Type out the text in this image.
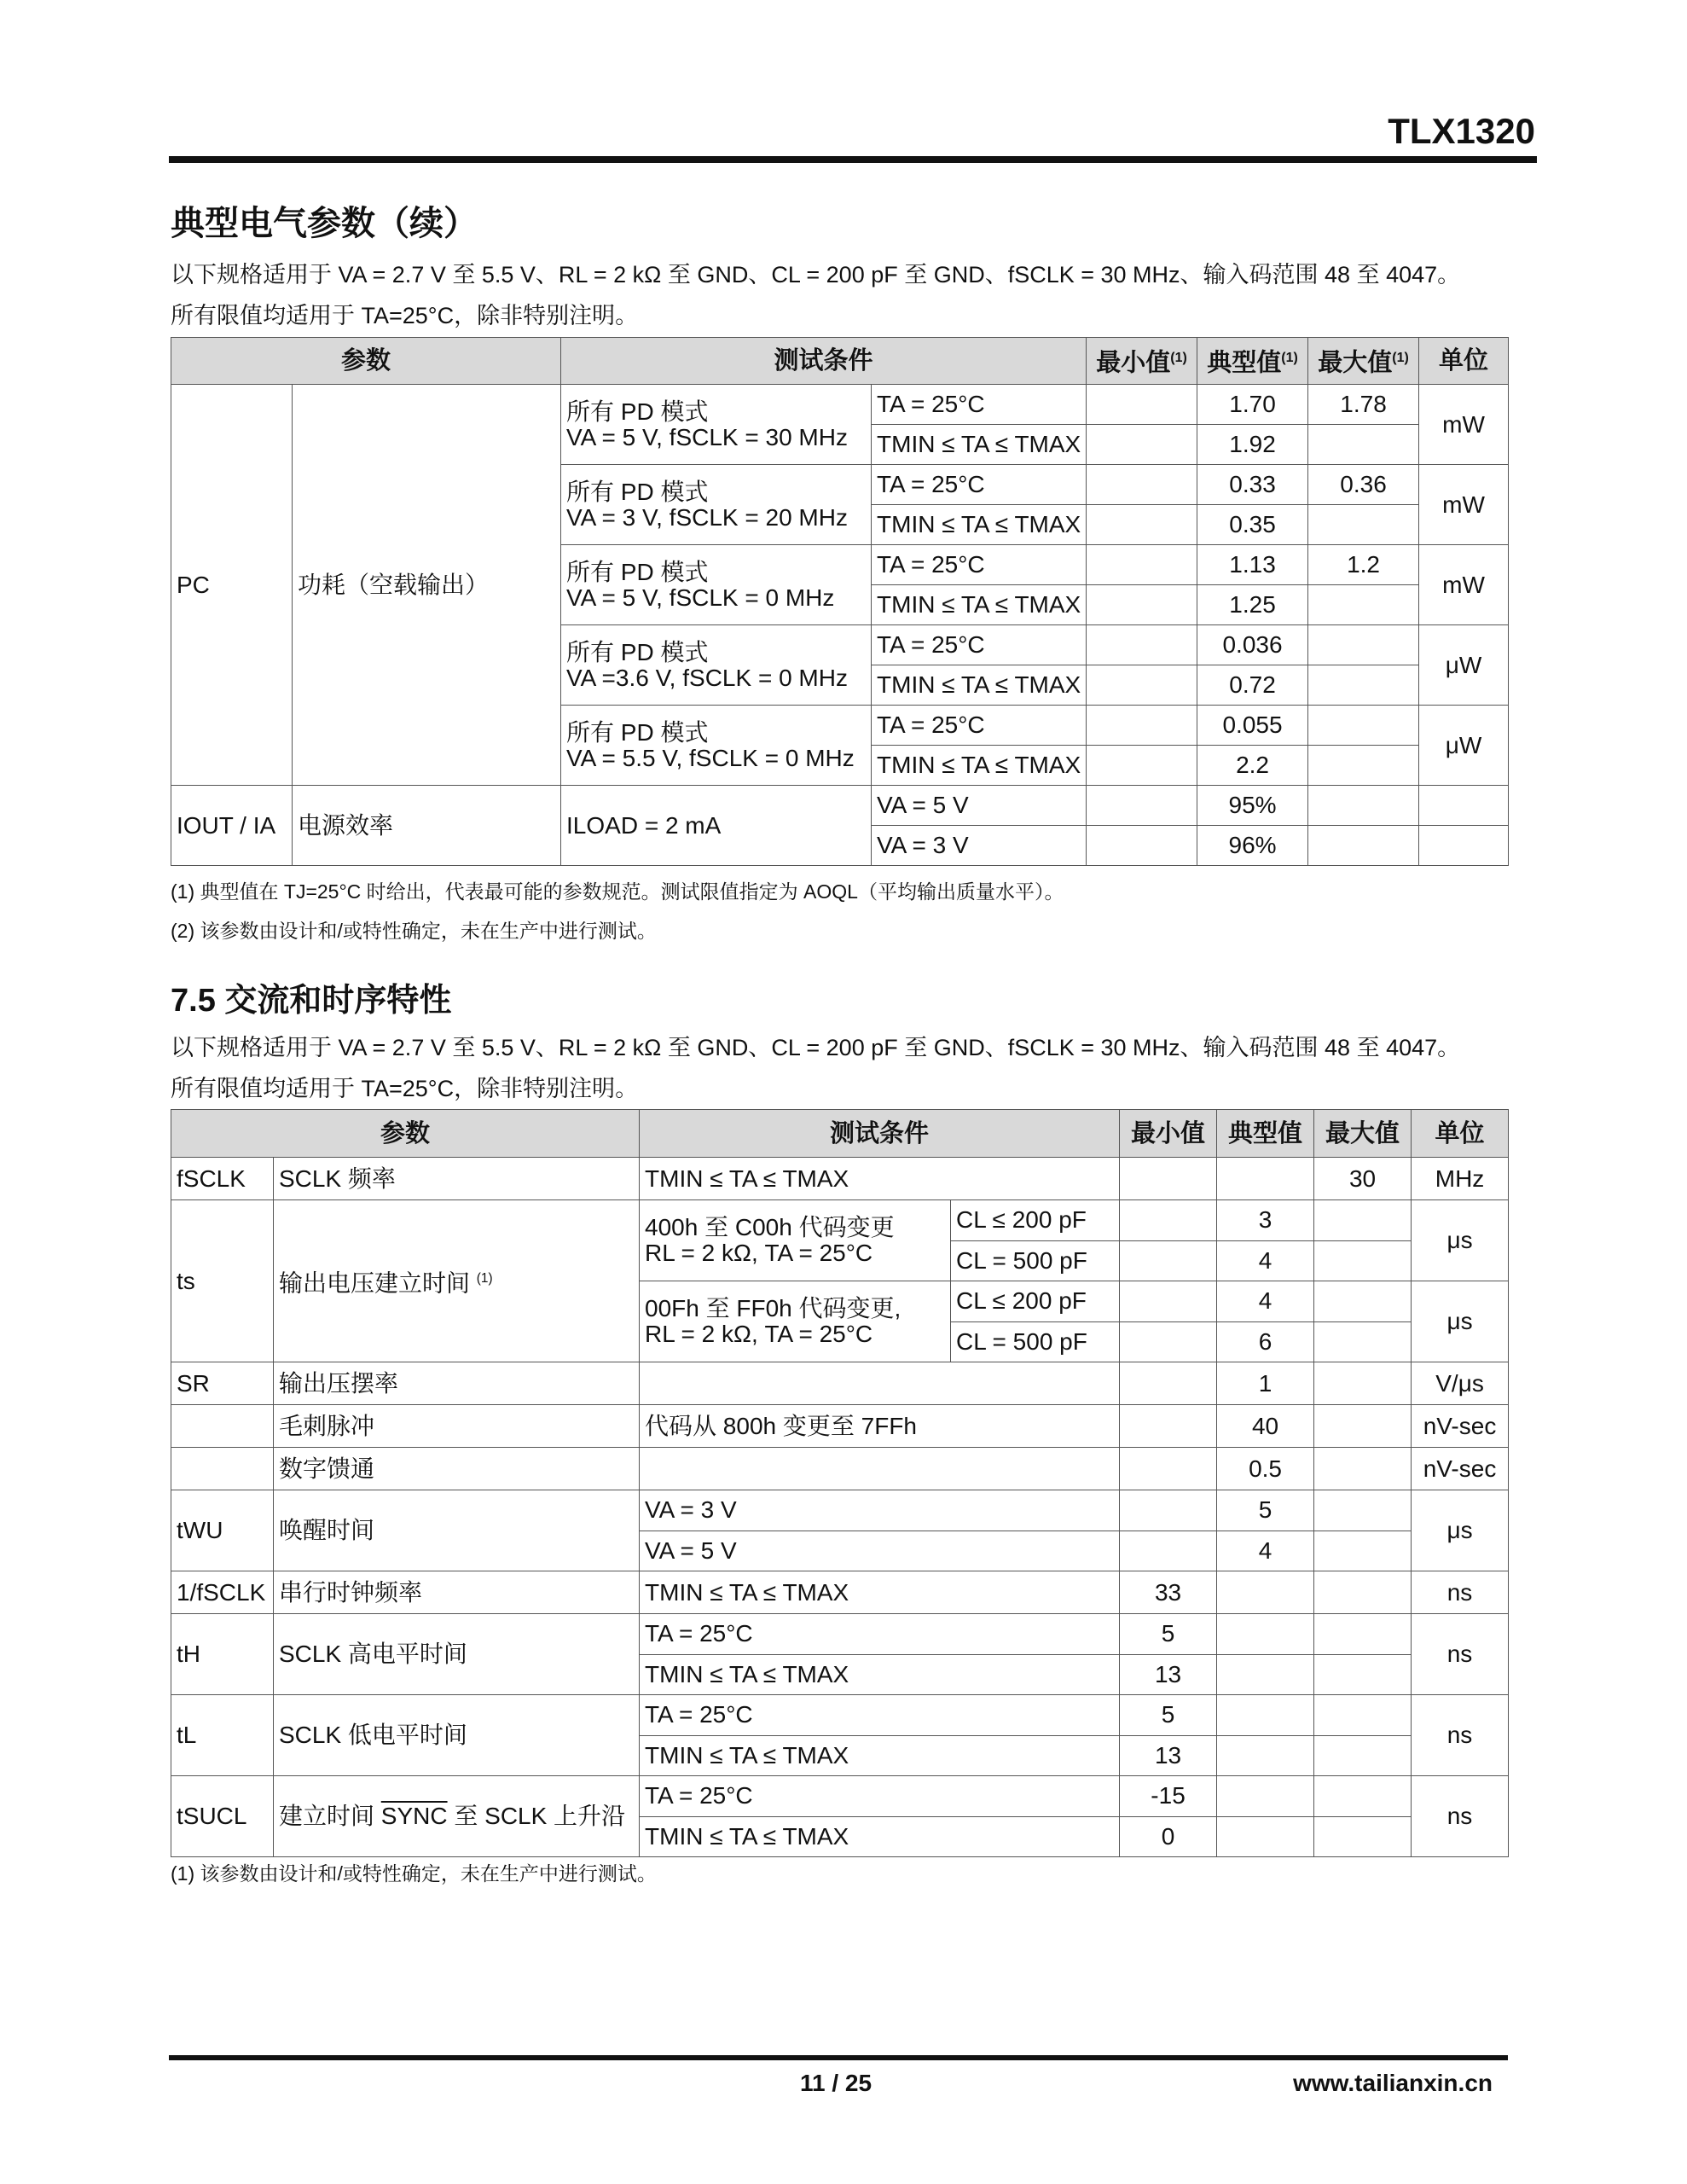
TLX1320
典型电气参数（续）
以下规格适用于 VA = 2.7 V 至 5.5 V、RL = 2 kΩ 至 GND、CL = 200 pF 至 GND、fSCLK = 30 MHz、输入码范围 48 至 4047。
所有限值均适用于 TA=25°C，除非特别注明。
参数		测试条件		最小值$^{(1)}$	典型值$^{(1)}$	最大值$^{(1)}$	单位
PC	功耗（空载输出）	所有 PD 模式
VA = 5 V, fSCLK = 30 MHz	TA = 25°C		1.70	1.78	mW
			TMIN ≤ TA ≤ TMAX		1.92		

		所有 PD 模式
VA = 3 V, fSCLK = 20 MHz	TA = 25°C		0.33	0.36	mW
			TMIN ≤ TA ≤ TMAX		0.35		

		所有 PD 模式
VA = 5 V, fSCLK = 0 MHz	TA = 25°C		1.13	1.2	mW
			TMIN ≤ TA ≤ TMAX		1.25		

		所有 PD 模式
VA =3.6 V, fSCLK = 0 MHz	TA = 25°C		0.036		μW
			TMIN ≤ TA ≤ TMAX		0.72		

		所有 PD 模式
VA = 5.5 V, fSCLK = 0 MHz	TA = 25°C		0.055		μW
			TMIN ≤ TA ≤ TMAX		2.2		
IOUT / IA	电源效率	ILOAD = 2 mA	VA = 5 V		95%		
			VA = 3 V		96%		
(1) 典型值在 TJ=25°C 时给出，代表最可能的参数规范。测试限值指定为 AOQL（平均输出质量水平）。
(2) 该参数由设计和/或特性确定，未在生产中进行测试。
7.5 交流和时序特性
以下规格适用于 VA = 2.7 V 至 5.5 V、RL = 2 kΩ 至 GND、CL = 200 pF 至 GND、fSCLK = 30 MHz、输入码范围 48 至 4047。
所有限值均适用于 TA=25°C，除非特别注明。
参数		测试条件		最小值	典型值	最大值	单位
fSCLK	SCLK 频率	TMIN ≤ TA ≤ TMAX				30	MHz
ts	输出电压建立时间 $^{(1)}$	400h 至 C00h 代码变更
RL = 2 kΩ, TA = 25°C	CL ≤ 200 pF		3		μs
			CL = 500 pF		4		

		00Fh 至 FF0h 代码变更,
RL = 2 kΩ, TA = 25°C	CL ≤ 200 pF		4		μs
			CL = 500 pF		6		
SR	输出压摆率				1		V/μs
	毛刺脉冲	代码从 800h 变更至 7FFh			40		nV-sec
	数字馈通				0.5		nV-sec
tWU	唤醒时间	VA = 3 V			5		μs
		VA = 5 V			4		
1/fSCLK	串行时钟频率	TMIN ≤ TA ≤ TMAX		33			ns
tH	SCLK 高电平时间	TA = 25°C		5			ns
		TMIN ≤ TA ≤ TMAX		13			
tL	SCLK 低电平时间	TA = 25°C		5			ns
		TMIN ≤ TA ≤ TMAX		13			
tSUCL	建立时间 SYNC 至 SCLK 上升沿	TA = 25°C		-15			ns
		TMIN ≤ TA ≤ TMAX		0			
(1) 该参数由设计和/或特性确定，未在生产中进行测试。
11 / 25	www.tailianxin.cn
